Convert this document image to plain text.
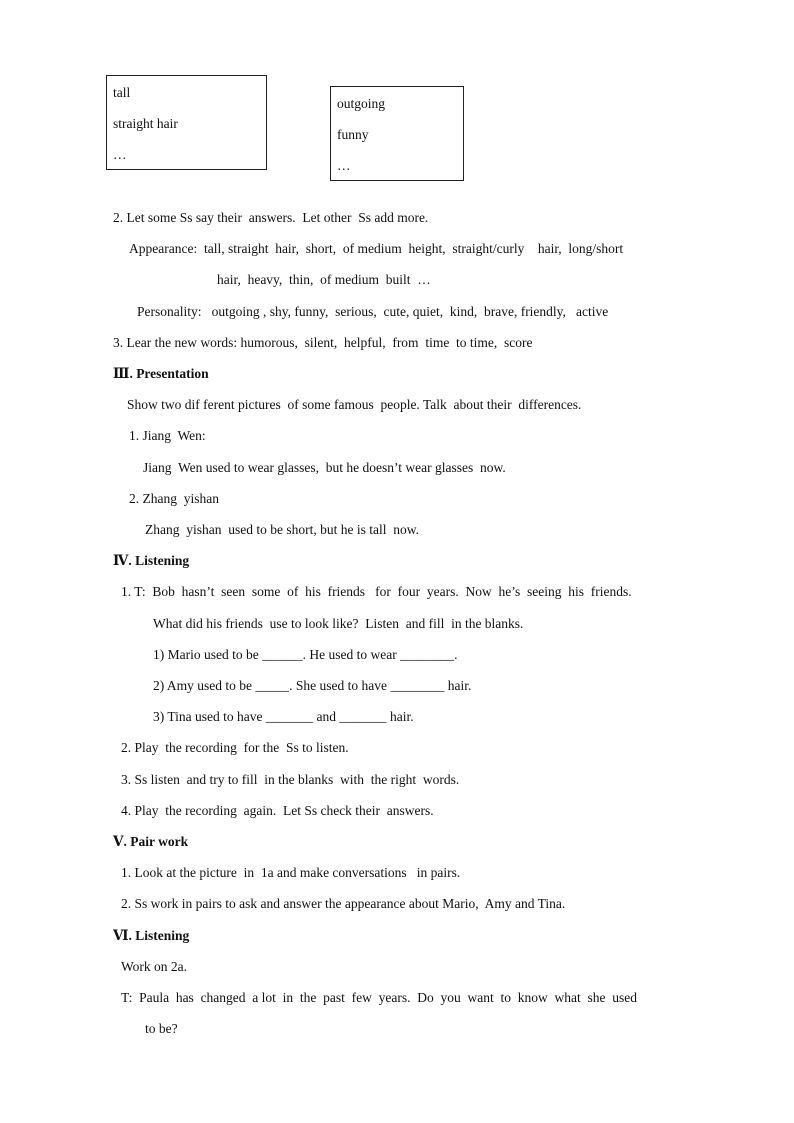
tall
straight hair
…
outgoing
funny
…
2. Let some Ss say their  answers.  Let other  Ss add more.
Appearance:  tall, straight  hair,  short,  of medium  height,  straight/curly    hair,  long/short
hair,  heavy,  thin,  of medium  built  …
Personality:   outgoing , shy, funny,  serious,  cute, quiet,  kind,  brave, friendly,   active
3. Lear the new words: humorous,  silent,  helpful,  from  time  to time,  score
Ⅲ. Presentation
Show two dif ferent pictures  of some famous  people. Talk  about their  differences.
1. Jiang  Wen:
Jiang  Wen used to wear glasses,  but he doesn’t wear glasses  now.
2. Zhang  yishan
Zhang  yishan  used to be short, but he is tall  now.
Ⅳ. Listening
1. T:  Bob  hasn’t  seen  some  of  his  friends   for  four  years.  Now  he’s  seeing  his  friends.
What did his friends  use to look like?  Listen  and fill  in the blanks.
1) Mario used to be ______. He used to wear ________.
2) Amy used to be _____. She used to have ________ hair.
3) Tina used to have _______ and _______ hair.
2. Play  the recording  for the  Ss to listen.
3. Ss listen  and try to fill  in the blanks  with  the right  words.
4. Play  the recording  again.  Let Ss check their  answers.
Ⅴ. Pair work
1. Look at the picture  in  1a and make conversations   in pairs.
2. Ss work in pairs to ask and answer the appearance about Mario,  Amy and Tina.
Ⅵ. Listening
Work on 2a.
T:  Paula  has  changed  a lot  in  the  past  few  years.  Do  you  want  to  know  what  she  used
to be?
